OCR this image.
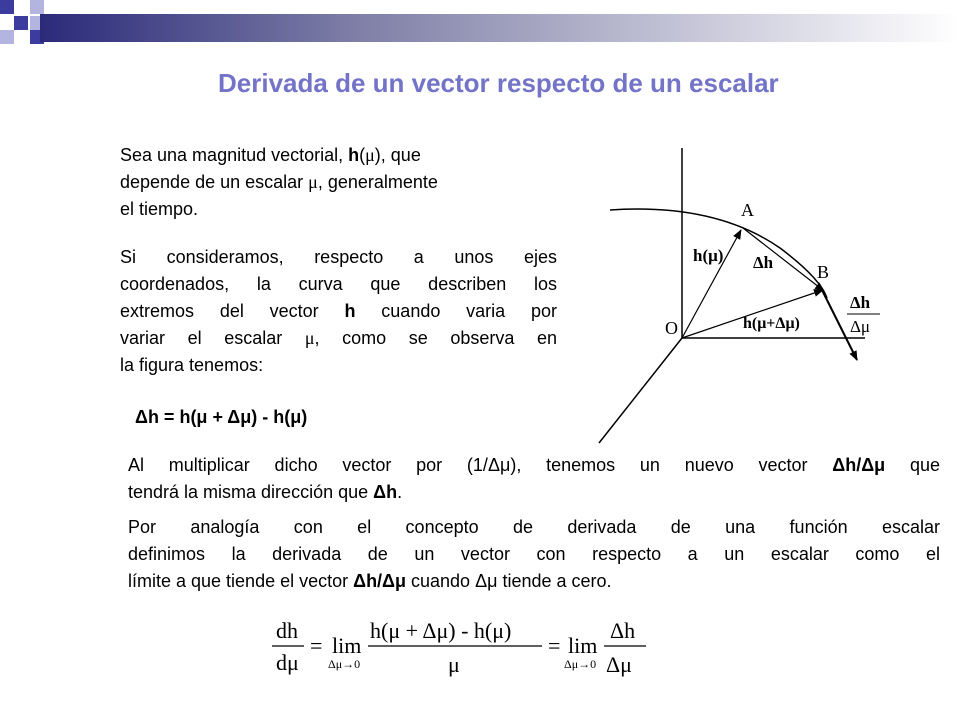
Derivada de un vector respecto de un escalar
Sea una magnitud vectorial, h(μ), que
depende de un escalar μ, generalmente
el tiempo.
Si consideramos, respecto a unos ejes
coordenados, la curva que describen los
extremos del vector h cuando varia por
variar el escalar μ, como se observa en
la figura tenemos:
Δh = h(μ + Δμ) - h(μ)
A
B
O
h(μ) Δh
h(μ+Δμ)
Δh
Δμ
Al multiplicar dicho vector por (1/Δμ), tenemos un nuevo vector Δh/Δμ que
tendrá la misma dirección que Δh.
Por analogía con el concepto de derivada de una función escalar
definimos la derivada de un vector con respecto a un escalar como el
límite a que tiende el vector Δh/Δμ cuando Δμ tiende a cero.
dh
dμ
= lim
Δμ→0
h(μ + Δμ) - h(μ)
μ
= lim
Δμ→0
Δh
Δμ
